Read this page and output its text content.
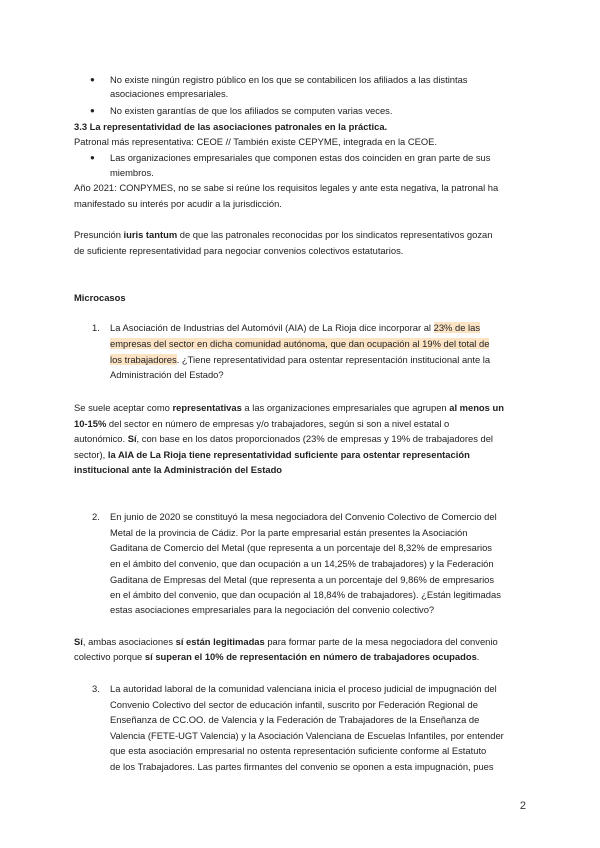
● No existe ningún registro público en los que se contabilicen los afiliados a las distintas
asociaciones empresariales.
● No existen garantías de que los afiliados se computen varias veces.
3.3 La representatividad de las asociaciones patronales en la práctica.
Patronal más representativa: CEOE // También existe CEPYME, integrada en la CEOE.
● Las organizaciones empresariales que componen estas dos coinciden en gran parte de sus
miembros.
Año 2021: CONPYMES, no se sabe si reúne los requisitos legales y ante esta negativa, la patronal ha
manifestado su interés por acudir a la jurisdicción.
Presunción iuris tantum de que las patronales reconocidas por los sindicatos representativos gozan
de suficiente representatividad para negociar convenios colectivos estatutarios.
Microcasos
1. La Asociación de Industrias del Automóvil (AIA) de La Rioja dice incorporar al 23% de las
empresas del sector en dicha comunidad autónoma, que dan ocupación al 19% del total de
los trabajadores. ¿Tiene representatividad para ostentar representación institucional ante la
Administración del Estado?
Se suele aceptar como representativas a las organizaciones empresariales que agrupen al menos un
10-15% del sector en número de empresas y/o trabajadores, según si son a nivel estatal o
autonómico. Sí, con base en los datos proporcionados (23% de empresas y 19% de trabajadores del
sector), la AIA de La Rioja tiene representatividad suficiente para ostentar representación
institucional ante la Administración del Estado
2. En junio de 2020 se constituyó la mesa negociadora del Convenio Colectivo de Comercio del
Metal de la provincia de Cádiz. Por la parte empresarial están presentes la Asociación
Gaditana de Comercio del Metal (que representa a un porcentaje del 8,32% de empresarios
en el ámbito del convenio, que dan ocupación a un 14,25% de trabajadores) y la Federación
Gaditana de Empresas del Metal (que representa a un porcentaje del 9,86% de empresarios
en el ámbito del convenio, que dan ocupación al 18,84% de trabajadores). ¿Están legitimadas
estas asociaciones empresariales para la negociación del convenio colectivo?
Sí, ambas asociaciones sí están legitimadas para formar parte de la mesa negociadora del convenio
colectivo porque sí superan el 10% de representación en número de trabajadores ocupados.
3. La autoridad laboral de la comunidad valenciana inicia el proceso judicial de impugnación del
Convenio Colectivo del sector de educación infantil, suscrito por Federación Regional de
Enseñanza de CC.OO. de Valencia y la Federación de Trabajadores de la Enseñanza de
Valencia (FETE-UGT Valencia) y la Asociación Valenciana de Escuelas Infantiles, por entender
que esta asociación empresarial no ostenta representación suficiente conforme al Estatuto
de los Trabajadores. Las partes firmantes del convenio se oponen a esta impugnación, pues
2
